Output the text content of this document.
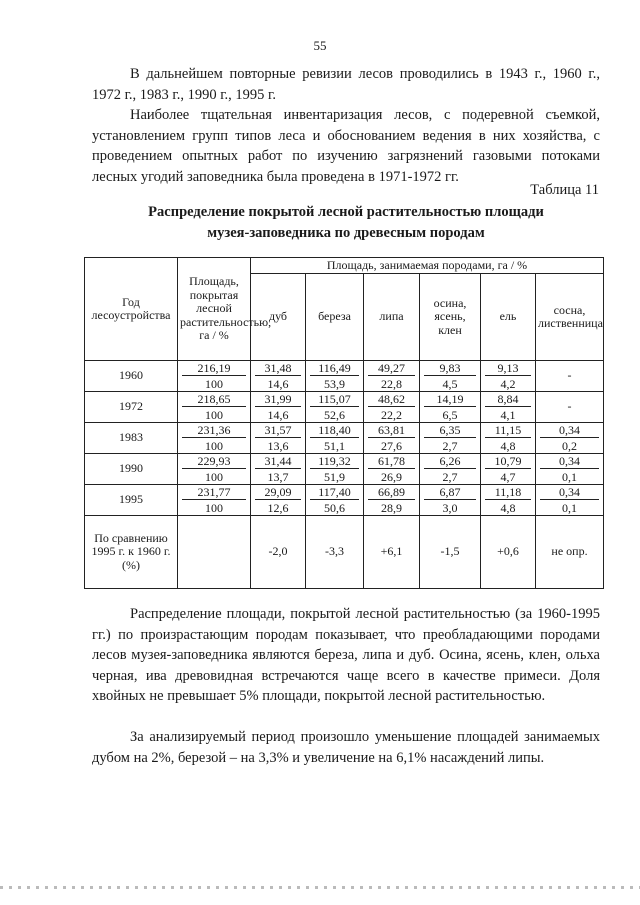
55

В дальнейшем повторные ревизии лесов проводились в 1943 г., 1960 г., 1972 г., 1983 г., 1990 г., 1995 г.

Наиболее тщательная инвентаризация лесов, с подеревной съемкой, установлением групп типов леса и обоснованием ведения в них хозяйства, с проведением опытных работ по изучению загрязнений газовыми потоками лесных угодий заповедника была проведена в 1971-1972 гг.

Таблица 11
Распределение покрытой лесной растительностью площади
музея-заповедника по древесным породам
Год лесоустройства	Площадь, покрытая лесной растительностью, га / %	Площадь, занимаемая породами, га / %					
		дуб	береза	липа	осина, ясень, клен	ель	сосна, лиственница
1960	216,19	31,48	116,49	49,27	9,83	9,13	-
	100	14,6	53,9	22,8	4,5	4,2	
1972	218,65	31,99	115,07	48,62	14,19	8,84	-
	100	14,6	52,6	22,2	6,5	4,1	
1983	231,36	31,57	118,40	63,81	6,35	11,15	0,34

	100	13,6	51,1	27,6	2,7	4,8	0,2
1990	229,93	31,44	119,32	61,78	6,26	10,79	0,34

	100	13,7	51,9	26,9	2,7	4,7	0,1
1995	231,77	29,09	117,40	66,89	6,87	11,18	0,34

	100	12,6	50,6	28,9	3,0	4,8	0,1
По сравнению 1995 г. к 1960 г.(%)		-2,0	-3,3	+6,1	-1,5	+0,6	не опр.

Распределение площади, покрытой лесной растительностью (за 1960-1995 гг.) по произрастающим породам показывает, что преобладающими породами лесов музея-заповедника являются береза, липа и дуб. Осина, ясень, клен, ольха черная, ива древовидная встречаются чаще всего в качестве примеси. Доля хвойных не превышает 5% площади, покрытой лесной растительностью.

За анализируемый период произошло уменьшение площадей занимаемых дубом на 2%, березой – на 3,3% и увеличение на 6,1% насаждений липы.
